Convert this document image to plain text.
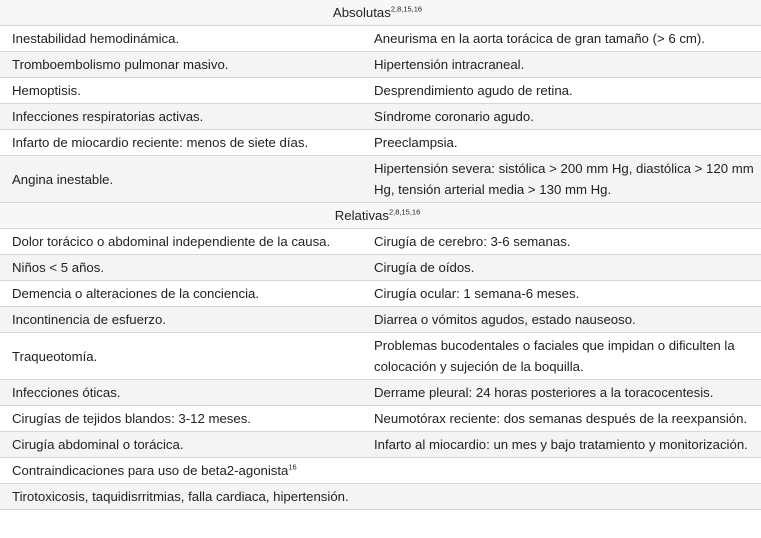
Absolutas$^{2,8,15,16}$
Inestabilidad hemodinámica.	Aneurisma en la aorta torácica de gran tamaño (> 6 cm).
Tromboembolismo pulmonar masivo.	Hipertensión intracraneal.
Hemoptisis.	Desprendimiento agudo de retina.
Infecciones respiratorias activas.	Síndrome coronario agudo.
Infarto de miocardio reciente: menos de siete días.	Preeclampsia.
Angina inestable.	Hipertensión severa: sistólica > 200 mm Hg, diastólica > 120 mm Hg, tensión arterial media > 130 mm Hg.
Relativas$^{2,8,15,16}$
Dolor torácico o abdominal independiente de la causa.	Cirugía de cerebro: 3-6 semanas.
Niños < 5 años.	Cirugía de oídos.
Demencia o alteraciones de la conciencia.	Cirugía ocular: 1 semana-6 meses.
Incontinencia de esfuerzo.	Diarrea o vómitos agudos, estado nauseoso.
Traqueotomía.	Problemas bucodentales o faciales que impidan o dificulten la colocación y sujeción de la boquilla.
Infecciones óticas.	Derrame pleural: 24 horas posteriores a la toracocentesis.
Cirugías de tejidos blandos: 3-12 meses.	Neumotórax reciente: dos semanas después de la reexpansión.
Cirugía abdominal o torácica.	Infarto al miocardio: un mes y bajo tratamiento y monitorización.
Contraindicaciones para uso de beta2-agonista$^{16}$
Tirotoxicosis, taquidisrritmias, falla cardiaca, hipertensión.	
